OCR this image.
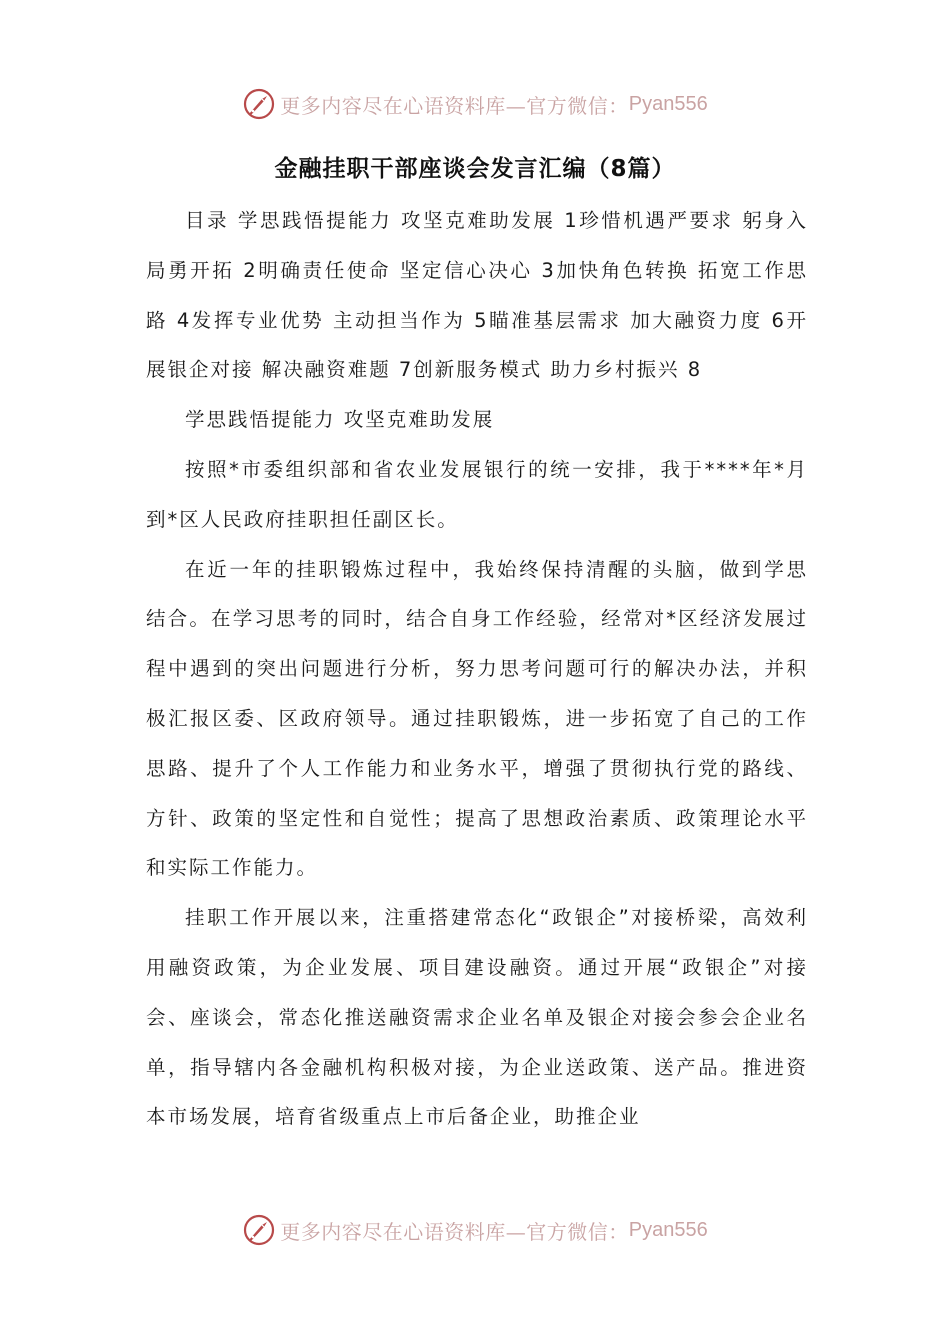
更多内容尽在心语资料库—官方微信： Pyan556
金融挂职干部座谈会发言汇编（8篇）

目录 学思践悟提能力 攻坚克难助发展 1珍惜机遇严要求 躬身入局勇开拓 2明确责任使命 坚定信心决心 3加快角色转换 拓宽工作思路 4发挥专业优势 主动担当作为 5瞄准基层需求 加大融资力度 6开展银企对接 解决融资难题 7创新服务模式 助力乡村振兴 8

学思践悟提能力 攻坚克难助发展

按照*市委组织部和省农业发展银行的统一安排，我于****年*月到*区人民政府挂职担任副区长。

在近一年的挂职锻炼过程中，我始终保持清醒的头脑，做到学思结合。在学习思考的同时，结合自身工作经验，经常对*区经济发展过程中遇到的突出问题进行分析，努力思考问题可行的解决办法，并积极汇报区委、区政府领导。通过挂职锻炼，进一步拓宽了自己的工作思路、提升了个人工作能力和业务水平，增强了贯彻执行党的路线、方针、政策的坚定性和自觉性；提高了思想政治素质、政策理论水平和实际工作能力。

挂职工作开展以来，注重搭建常态化“政银企”对接桥梁，高效利用融资政策，为企业发展、项目建设融资。通过开展“政银企”对接会、座谈会，常态化推送融资需求企业名单及银企对接会参会企业名单，指导辖内各金融机构积极对接，为企业送政策、送产品。推进资本市场发展，培育省级重点上市后备企业，助推企业

更多内容尽在心语资料库—官方微信： Pyan556
